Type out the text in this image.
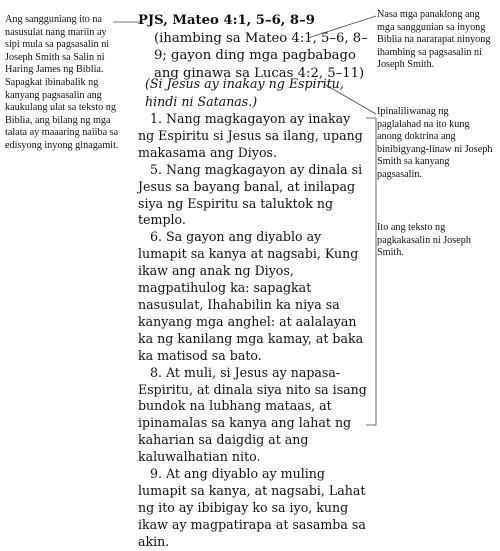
Ang sangguniang ito na nasusulat nang mariin ay sipi mula sa pagsasalin ni Joseph Smith sa Salin ni Haring James ng Biblia. Sapagkat ibinabalik ng kanyang pagsasalin ang kaukulang ulat sa teksto ng Biblia, ang bilang ng mga talata ay maaaring naiiba sa edisyong inyong ginagamit.
Nasa mga panaklong ang mga sanggunian sa inyong Biblia na nararapat ninyong ihambing sa pagsasalin ni Joseph Smith.
Ipinaliliwanag ng paglalahad na ito kung anong doktrina ang binibigyang-linaw ni Joseph Smith sa kanyang pagsasalin.
Ito ang teksto ng pagkakasalin ni Joseph Smith.
PJS, Mateo 4:1, 5–6, 8–9 (ihambing sa Mateo 4:1, 5–6, 8–9; gayon ding mga pagbabago ang ginawa sa Lucas 4:2, 5–11)
(Si Jesus ay inakay ng Espiritu, hindi ni Satanas.)

1. Nang magkagayon ay inakay ng Espiritu si Jesus sa ilang, upang makasama ang Diyos.

5. Nang magkagayon ay dinala si Jesus sa bayang banal, at inilapag siya ng Espiritu sa taluktok ng templo.

6. Sa gayon ang diyablo ay lumapit sa kanya at nagsabi, Kung ikaw ang anak ng Diyos, magpatihulog ka: sapagkat nasusulat, Ihahabilin ka niya sa kanyang mga anghel: at aalalayan ka ng kanilang mga kamay, at baka ka matisod sa bato.

8. At muli, si Jesus ay napasa-Espiritu, at dinala siya nito sa isang bundok na lubhang mataas, at ipinamalas sa kanya ang lahat ng kaharian sa daigdig at ang kaluwalhatian nito.

9. At ang diyablo ay muling lumapit sa kanya, at nagsabi, Lahat ng ito ay ibibigay ko sa iyo, kung ikaw ay magpatirapa at sasamba sa akin.
